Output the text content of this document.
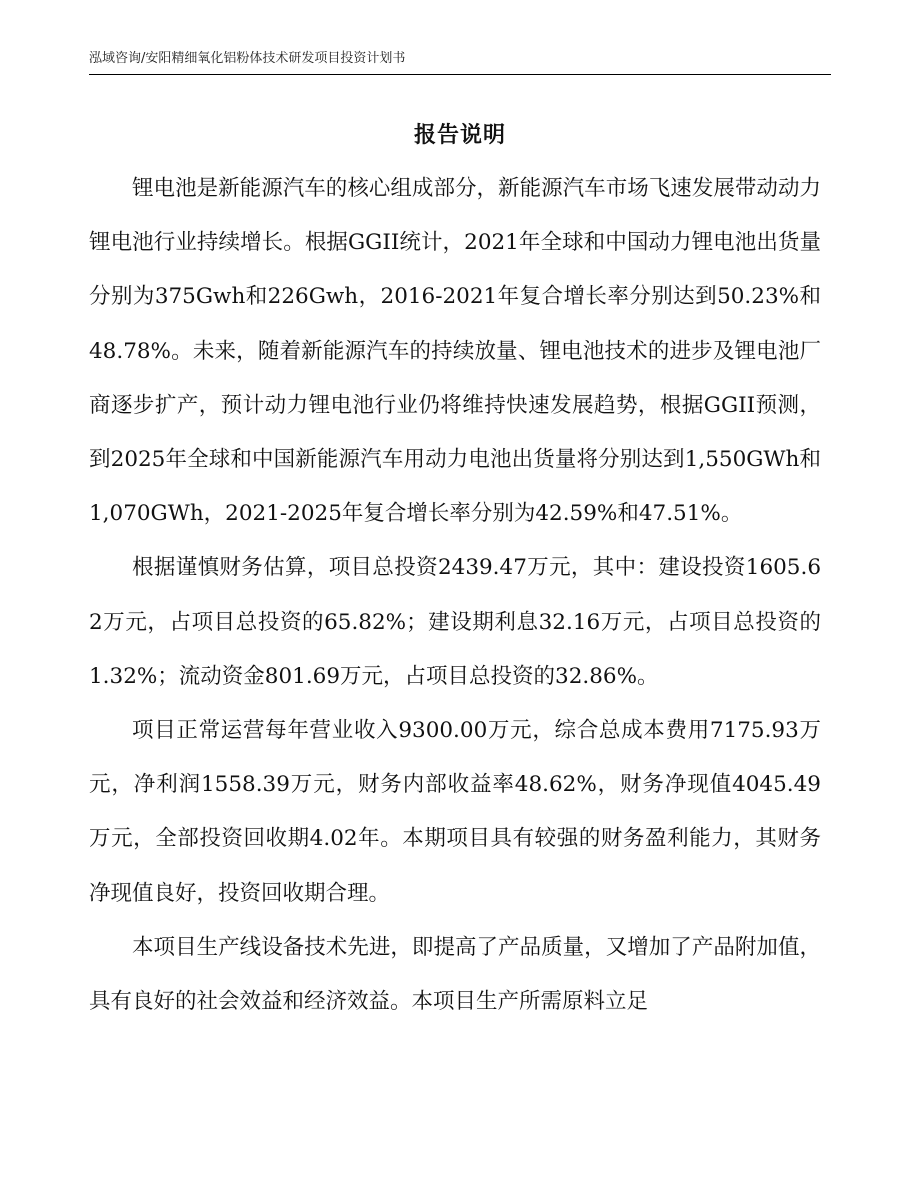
泓域咨询/安阳精细氧化铝粉体技术研发项目投资计划书
报告说明

锂电池是新能源汽车的核心组成部分，新能源汽车市场飞速发展带动动力锂电池行业持续增长。根据GGII统计，2021年全球和中国动力锂电池出货量分别为375Gwh和226Gwh，2016-2021年复合增长率分别达到50.23%和48.78%。未来，随着新能源汽车的持续放量、锂电池技术的进步及锂电池厂商逐步扩产，预计动力锂电池行业仍将维持快速发展趋势，根据GGII预测，到2025年全球和中国新能源汽车用动力电池出货量将分别达到1,550GWh和1,070GWh，2021-2025年复合增长率分别为42.59%和47.51%。

根据谨慎财务估算，项目总投资2439.47万元，其中：建设投资1605.62万元，占项目总投资的65.82%；建设期利息32.16万元，占项目总投资的1.32%；流动资金801.69万元，占项目总投资的32.86%。

项目正常运营每年营业收入9300.00万元，综合总成本费用7175.93万元，净利润1558.39万元，财务内部收益率48.62%，财务净现值4045.49万元，全部投资回收期4.02年。本期项目具有较强的财务盈利能力，其财务净现值良好，投资回收期合理。

本项目生产线设备技术先进，即提高了产品质量，又增加了产品附加值，具有良好的社会效益和经济效益。本项目生产所需原料立足
